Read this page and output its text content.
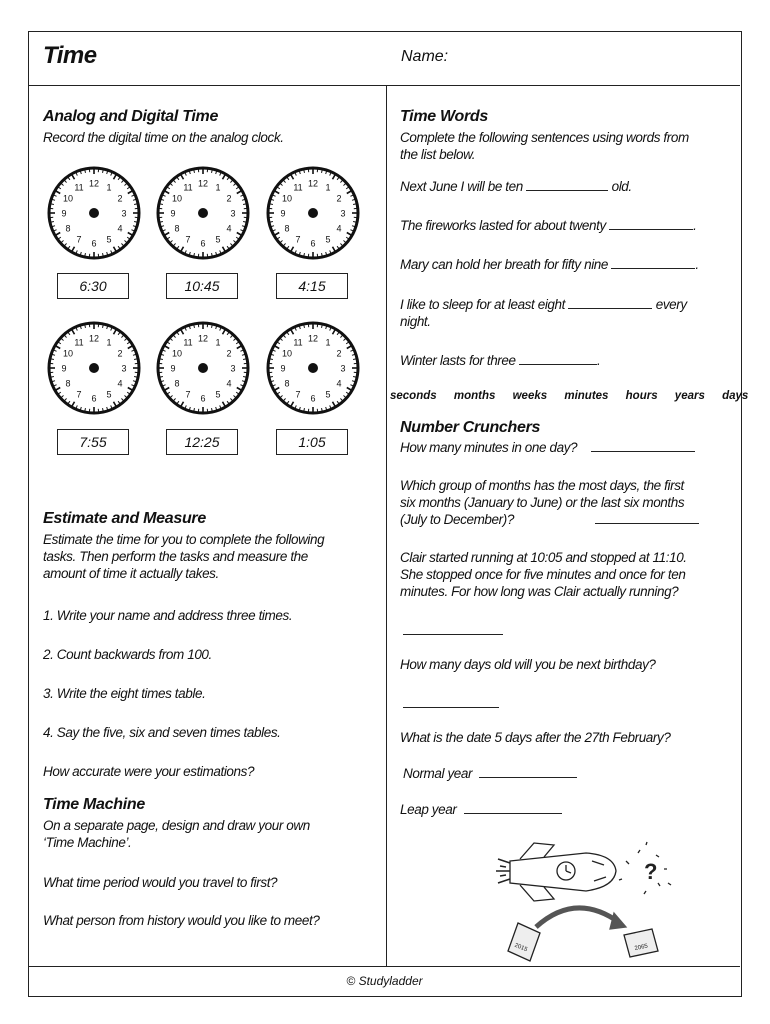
Time	Name:
Analog and Digital Time
Record the digital time on the analog clock.
12 1
2
3
4
5
6
7
8
9
10
11
6:30
12 1
2
3
4
5
6
7
8
9
10
11
10:45
12 1
2
3
4
5
6
7
8
9
10
11
4:15
12 1
2
3
4
5
6
7
8
9
10
11
7:55
12 1
2
3
4
5
6
7
8
9
10
11
12:25
12 1
2
3
4
5
6
7
8
9
10
11
1:05
Estimate and Measure
Estimate the time for you to complete the following
tasks. Then perform the tasks and measure the
amount of time it actually takes.
1. Write your name and address three times.
2. Count backwards from 100.
3. Write the eight times table.
4. Say the five, six and seven times tables.
How accurate were your estimations?
Time Machine
On a separate page, design and draw your own
‘Time Machine’.
What time period would you travel to first?
What person from history would you like to meet?
Time Words
Complete the following sentences using words from
the list below.
Next June I will be ten	old.
The fireworks lasted for about twenty	.
Mary can hold her breath for fifty nine	.
I like to sleep for at least eight	every
night.
Winter lasts for three	.
seconds months weeks minutes hours years days
Number Crunchers
How many minutes in one day?
Which group of months has the most days, the first
six months (January to June) or the last six months
(July to December)?
Clair started running at 10:05 and stopped at 11:10.
She stopped once for five minutes and once for ten
minutes. For how long was Clair actually running?
How many days old will you be next birthday?
What is the date 5 days after the 27th February?
Normal year
Leap year
?
2015	2065
© Studyladder
